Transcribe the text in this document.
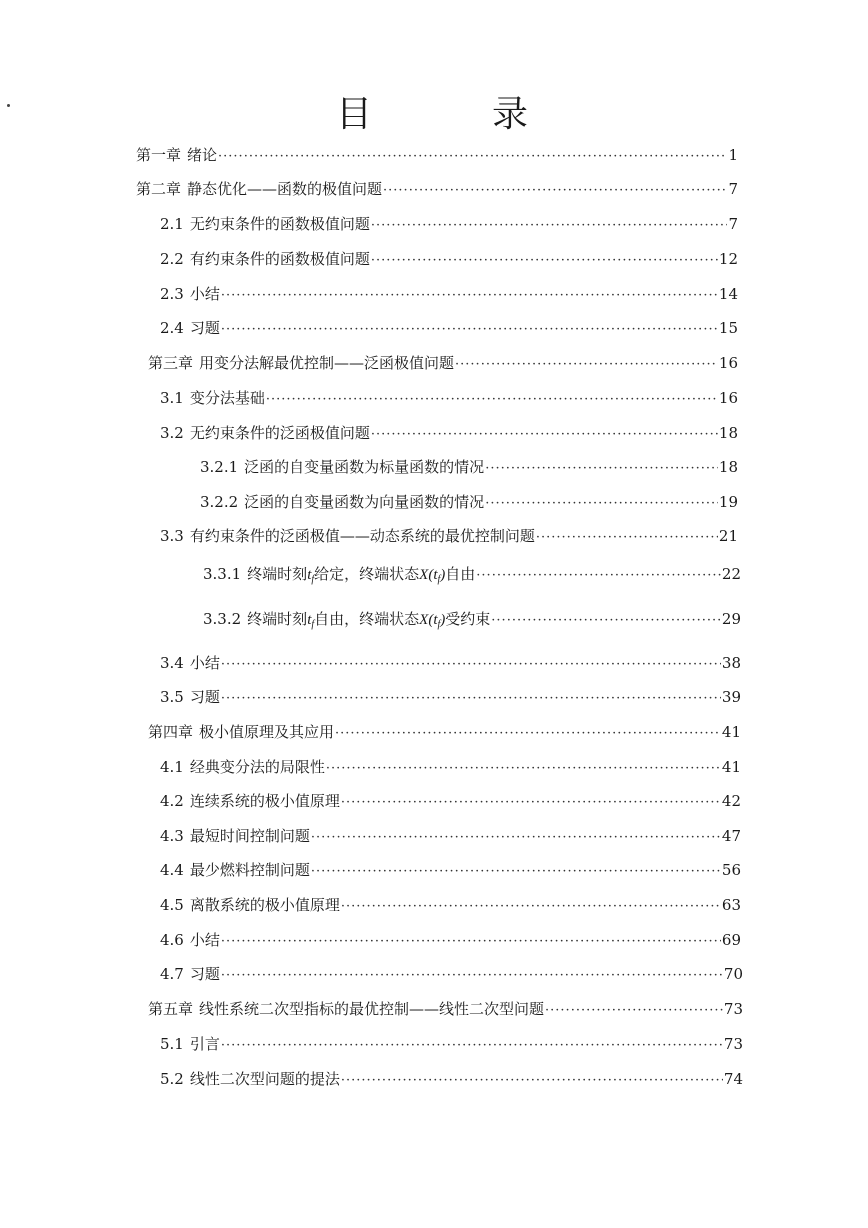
目	录
第一章 绪论 ·····	1
第二章 静态优化——函数的极值问题 ·····	7
2.1 无约束条件的函数极值问题 ·····	7
2.2 有约束条件的函数极值问题 ·····	12
2.3 小结 ·····	14
2.4 习题 ·····	15
第三章 用变分法解最优控制——泛函极值问题 ·····	16
3.1 变分法基础 ·····	16
3.2 无约束条件的泛函极值问题 ·····	18
3.2.1 泛函的自变量函数为标量函数的情况 ·····	18
3.2.2 泛函的自变量函数为向量函数的情况 ·····	19
3.3 有约束条件的泛函极值——动态系统的最优控制问题 ·····	21
3.3.1 终端时刻 $t_f$ 给定，终端状态 $X(t_f)$ 自由 ·····	22
3.3.2 终端时刻 $t_f$ 自由，终端状态 $X(t_f)$ 受约束 ·····	29
3.4 小结 ·····	38
3.5 习题 ·····	39
第四章 极小值原理及其应用 ·····	41
4.1 经典变分法的局限性 ·····	41
4.2 连续系统的极小值原理 ·····	42
4.3 最短时间控制问题 ·····	47
4.4 最少燃料控制问题 ·····	56
4.5 离散系统的极小值原理 ·····	63
4.6 小结 ·····	69
4.7 习题 ·····	70
第五章 线性系统二次型指标的最优控制——线性二次型问题 ·····	73
5.1 引言 ·····	73
5.2 线性二次型问题的提法 ·····	74
